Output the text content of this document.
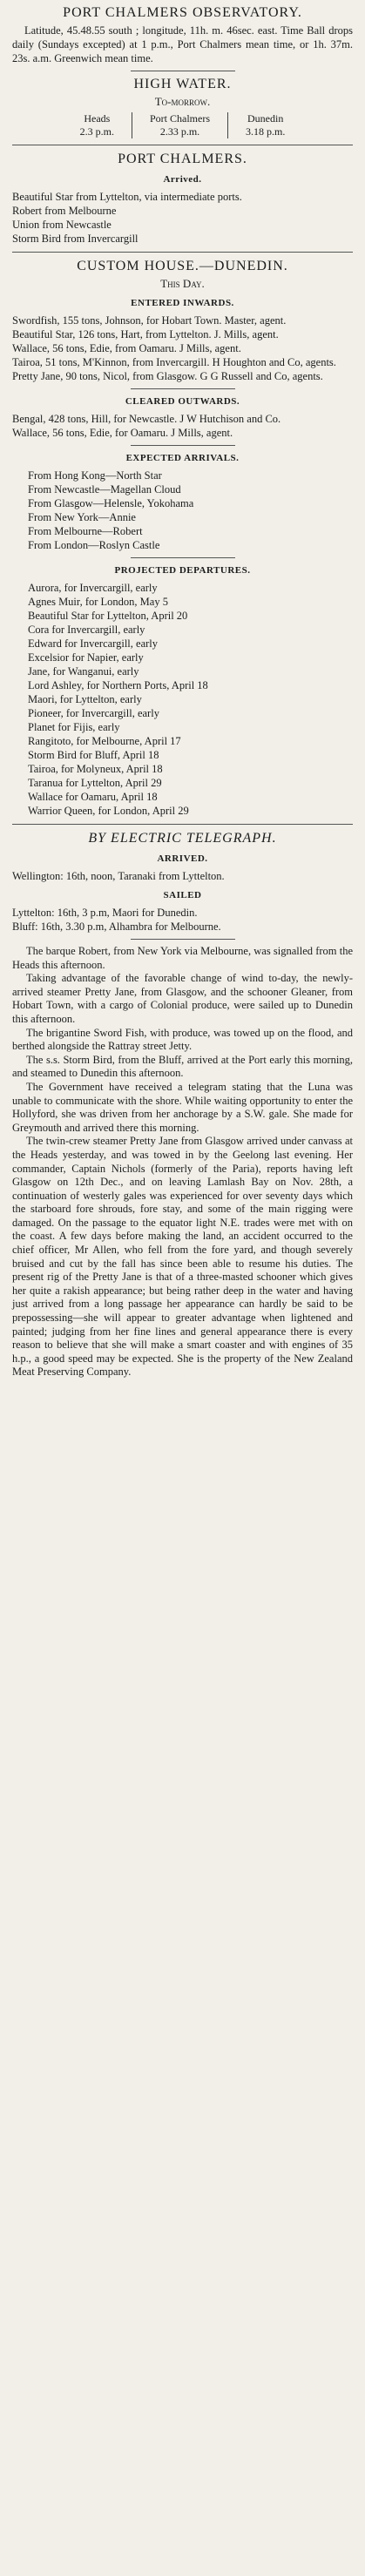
PORT CHALMERS OBSERVATORY.

Latitude, 45.48.55 south ; longitude, 11h. m. 46sec. east. Time Ball drops daily (Sundays excepted) at 1 p.m., Port Chalmers mean time, or 1h. 37m. 23s. a.m. Greenwich mean time.

HIGH WATER.
To-morrow.
Heads
2.3 p.m.
Port Chalmers
2.33 p.m.
Dunedin
3.18 p.m.
PORT CHALMERS.
Arrived.

Beautiful Star from Lyttelton, via intermediate ports.

Robert from Melbourne

Union from Newcastle

Storm Bird from Invercargill

CUSTOM HOUSE.—DUNEDIN.
This Day.
ENTERED INWARDS.

Swordfish, 155 tons, Johnson, for Hobart Town. Master, agent.

Beautiful Star, 126 tons, Hart, from Lyttelton. J. Mills, agent.

Wallace, 56 tons, Edie, from Oamaru. J Mills, agent.

Tairoa, 51 tons, M'Kinnon, from Invercargill. H Houghton and Co, agents.

Pretty Jane, 90 tons, Nicol, from Glasgow. G G Russell and Co, agents.

CLEARED OUTWARDS.

Bengal, 428 tons, Hill, for Newcastle. J W Hutchison and Co.

Wallace, 56 tons, Edie, for Oamaru. J Mills, agent.

EXPECTED ARRIVALS.

From Hong Kong—North Star

From Newcastle—Magellan Cloud

From Glasgow—Helensle, Yokohama

From New York—Annie

From Melbourne—Robert

From London—Roslyn Castle

PROJECTED DEPARTURES.

Aurora, for Invercargill, early

Agnes Muir, for London, May 5

Beautiful Star for Lyttelton, April 20

Cora for Invercargill, early

Edward for Invercargill, early

Excelsior for Napier, early

Jane, for Wanganui, early

Lord Ashley, for Northern Ports, April 18

Maori, for Lyttelton, early

Pioneer, for Invercargill, early

Planet for Fijis, early

Rangitoto, for Melbourne, April 17

Storm Bird for Bluff, April 18

Tairoa, for Molyneux, April 18

Taranua for Lyttelton, April 29

Wallace for Oamaru, April 18

Warrior Queen, for London, April 29

BY ELECTRIC TELEGRAPH.
ARRIVED.

Wellington: 16th, noon, Taranaki from Lyttelton.

SAILED

Lyttelton: 16th, 3 p.m, Maori for Dunedin.

Bluff: 16th, 3.30 p.m, Alhambra for Melbourne.

The barque Robert, from New York via Melbourne, was signalled from the Heads this afternoon.

Taking advantage of the favorable change of wind to-day, the newly-arrived steamer Pretty Jane, from Glasgow, and the schooner Gleaner, from Hobart Town, with a cargo of Colonial produce, were sailed up to Dunedin this afternoon.

The brigantine Sword Fish, with produce, was towed up on the flood, and berthed alongside the Rattray street Jetty.

The s.s. Storm Bird, from the Bluff, arrived at the Port early this morning, and steamed to Dunedin this afternoon.

The Government have received a telegram stating that the Luna was unable to communicate with the shore. While waiting opportunity to enter the Hollyford, she was driven from her anchorage by a S.W. gale. She made for Greymouth and arrived there this morning.

The twin-crew steamer Pretty Jane from Glasgow arrived under canvass at the Heads yesterday, and was towed in by the Geelong last evening. Her commander, Captain Nichols (formerly of the Paria), reports having left Glasgow on 12th Dec., and on leaving Lamlash Bay on Nov. 28th, a continuation of westerly gales was experienced for over seventy days which the starboard fore shrouds, fore stay, and some of the main rigging were damaged. On the passage to the equator light N.E. trades were met with on the coast. A few days before making the land, an accident occurred to the chief officer, Mr Allen, who fell from the fore yard, and though severely bruised and cut by the fall has since been able to resume his duties. The present rig of the Pretty Jane is that of a three-masted schooner which gives her quite a rakish appearance; but being rather deep in the water and having just arrived from a long passage her appearance can hardly be said to be prepossessing—she will appear to greater advantage when lightened and painted; judging from her fine lines and general appearance there is every reason to believe that she will make a smart coaster and with engines of 35 h.p., a good speed may be expected. She is the property of the New Zealand Meat Preserving Company.
